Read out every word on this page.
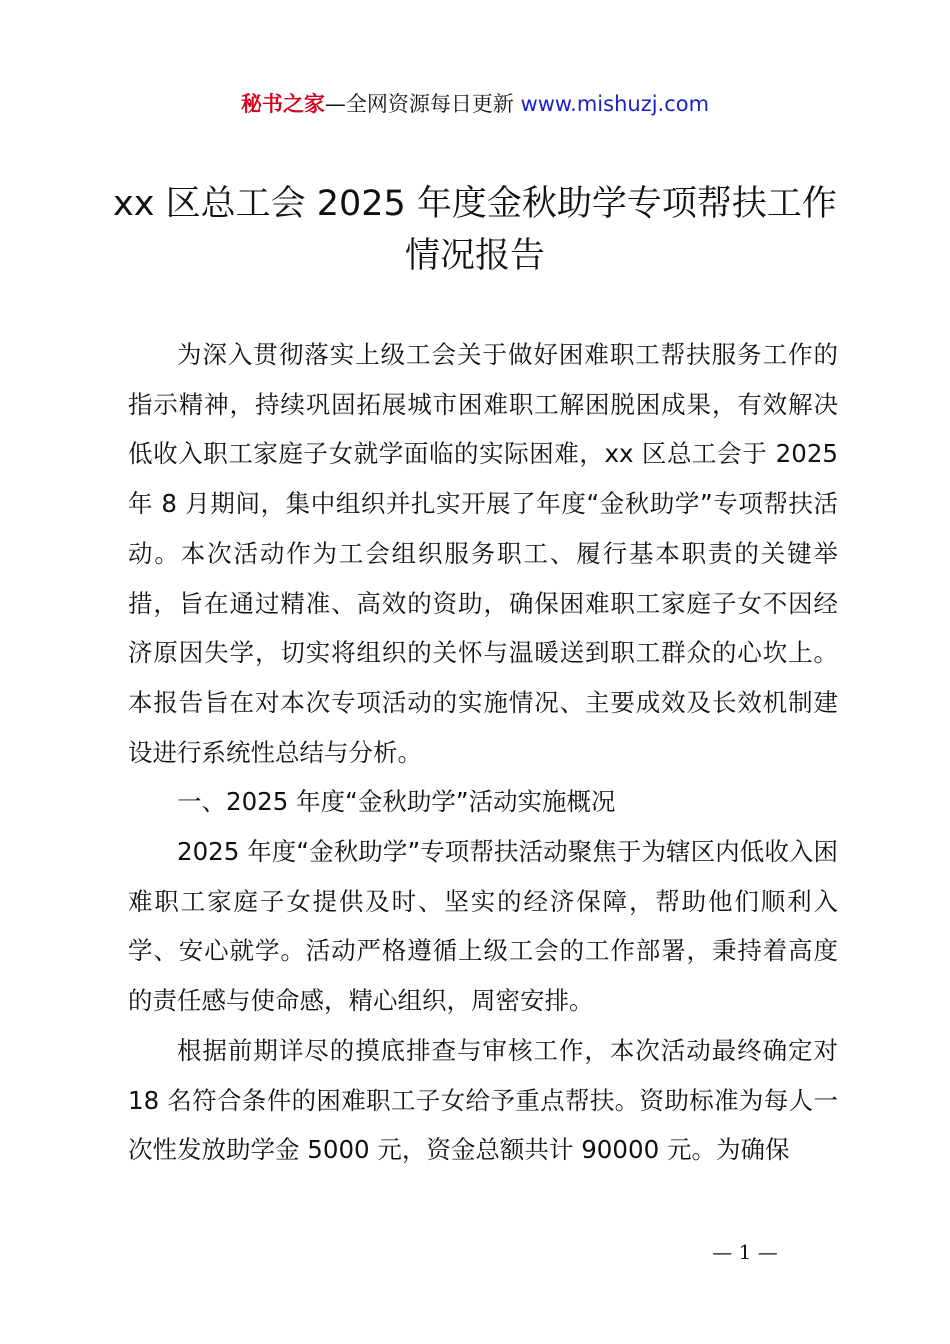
秘书之家—全网资源每日更新 www.mishuzj.com
xx 区总工会 2025 年度金秋助学专项帮扶工作
情况报告

为深入贯彻落实上级工会关于做好困难职工帮扶服务工作的指示精神，持续巩固拓展城市困难职工解困脱困成果，有效解决低收入职工家庭子女就学面临的实际困难，xx 区总工会于 2025 年 8 月期间，集中组织并扎实开展了年度“金秋助学”专项帮扶活动。本次活动作为工会组织服务职工、履行基本职责的关键举措，旨在通过精准、高效的资助，确保困难职工家庭子女不因经济原因失学，切实将组织的关怀与温暖送到职工群众的心坎上。本报告旨在对本次专项活动的实施情况、主要成效及长效机制建设进行系统性总结与分析。

一、2025 年度“金秋助学”活动实施概况

2025 年度“金秋助学”专项帮扶活动聚焦于为辖区内低收入困难职工家庭子女提供及时、坚实的经济保障，帮助他们顺利入学、安心就学。活动严格遵循上级工会的工作部署，秉持着高度的责任感与使命感，精心组织，周密安排。

根据前期详尽的摸底排查与审核工作，本次活动最终确定对 18 名符合条件的困难职工子女给予重点帮扶。资助标准为每人一次性发放助学金 5000 元，资金总额共计 90000 元。为确保

— 1 —
